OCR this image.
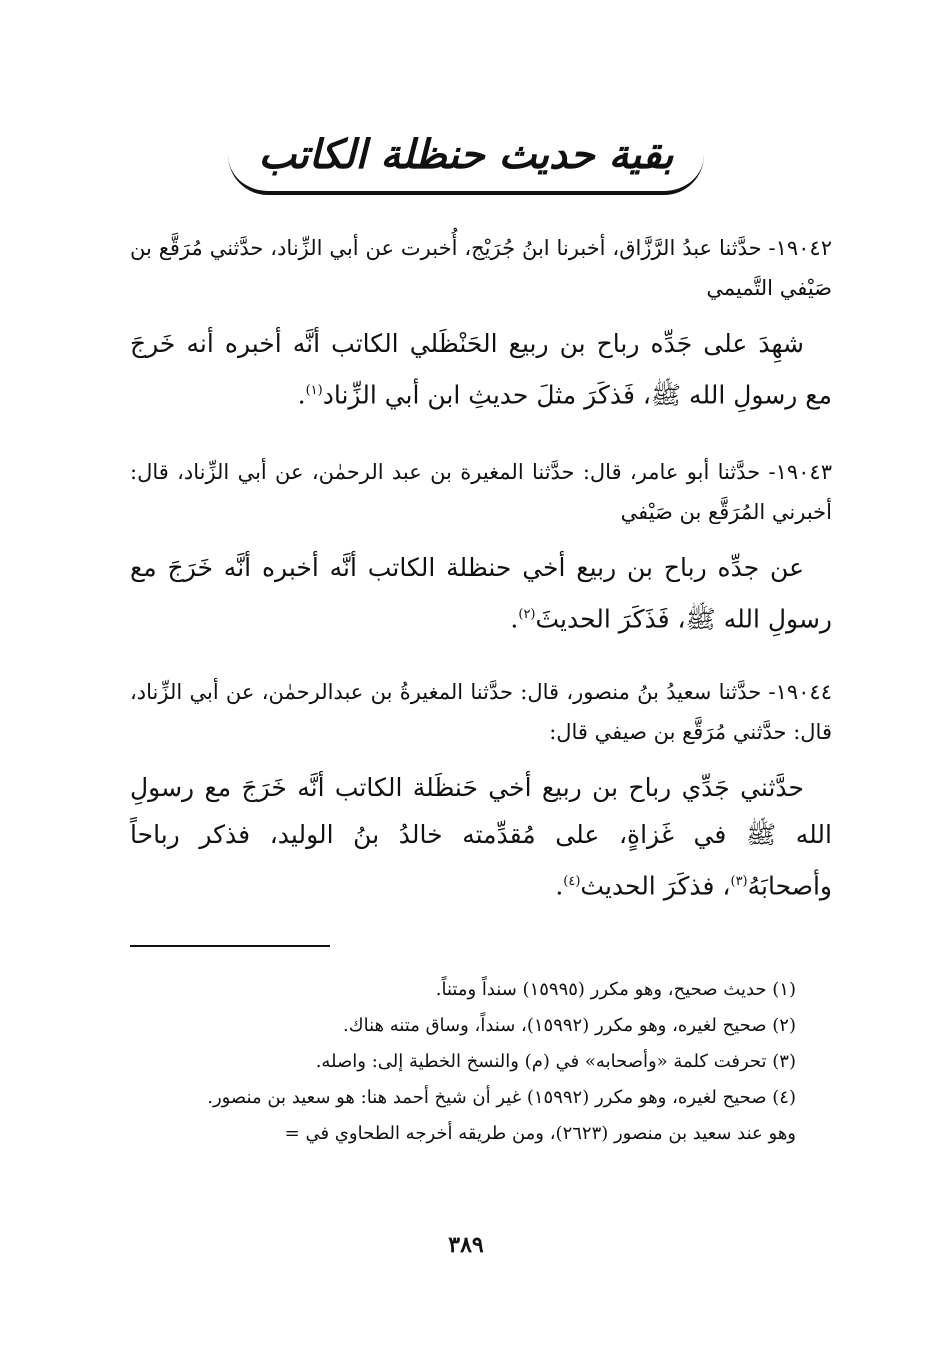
بقية حديث حنظلة الكاتب

١٩٠٤٢- حدَّثنا عبدُ الرَّزَّاق، أخبرنا ابنُ جُرَيْج، أُخبرت عن أبي الزِّناد، حدَّثني مُرَقَّع بن صَيْفي التَّميمي

شهِدَ على جَدِّه رباح بن ربيع الحَنْظَلي الكاتب أنَّه أخبره أنه خَرجَ مع رسولِ الله ﷺ، فَذكَرَ مثلَ حديثِ ابن أبي الزِّناد$^{(١)}$.

١٩٠٤٣- حدَّثنا أبو عامر، قال: حدَّثنا المغيرة بن عبد الرحمٰن، عن أبي الزِّناد، قال: أخبرني المُرَقَّع بن صَيْفي

عن جدِّه رباح بن ربيع أخي حنظلة الكاتب أنَّه أخبره أنَّه خَرَجَ مع رسولِ الله ﷺ، فَذَكَرَ الحديثَ$^{(٢)}$.

١٩٠٤٤- حدَّثنا سعيدُ بنُ منصور، قال: حدَّثنا المغيرةُ بن عبدالرحمٰن، عن أبي الزِّناد، قال: حدَّثني مُرَقَّع بن صيفي قال:

حدَّثني جَدِّي رباح بن ربيع أخي حَنظَلة الكاتب أنَّه خَرَجَ مع رسولِ الله ﷺ في غَزاةٍ، على مُقدِّمته خالدُ بنُ الوليد، فذكر رباحاً وأصحابَهُ$^{(٣)}$، فذكَرَ الحديث$^{(٤)}$.

(١) حديث صحيح، وهو مكرر (١٥٩٩٥) سنداً ومتناً.

(٢) صحيح لغيره، وهو مكرر (١٥٩٩٢)، سنداً، وساق متنه هناك.

(٣) تحرفت كلمة «وأصحابه» في (م) والنسخ الخطية إلى: واصله.

(٤) صحيح لغيره، وهو مكرر (١٥٩٩٢) غير أن شيخ أحمد هنا: هو سعيد بن منصور.

وهو عند سعيد بن منصور (٢٦٢٣)، ومن طريقه أخرجه الطحاوي في =

٣٨٩
